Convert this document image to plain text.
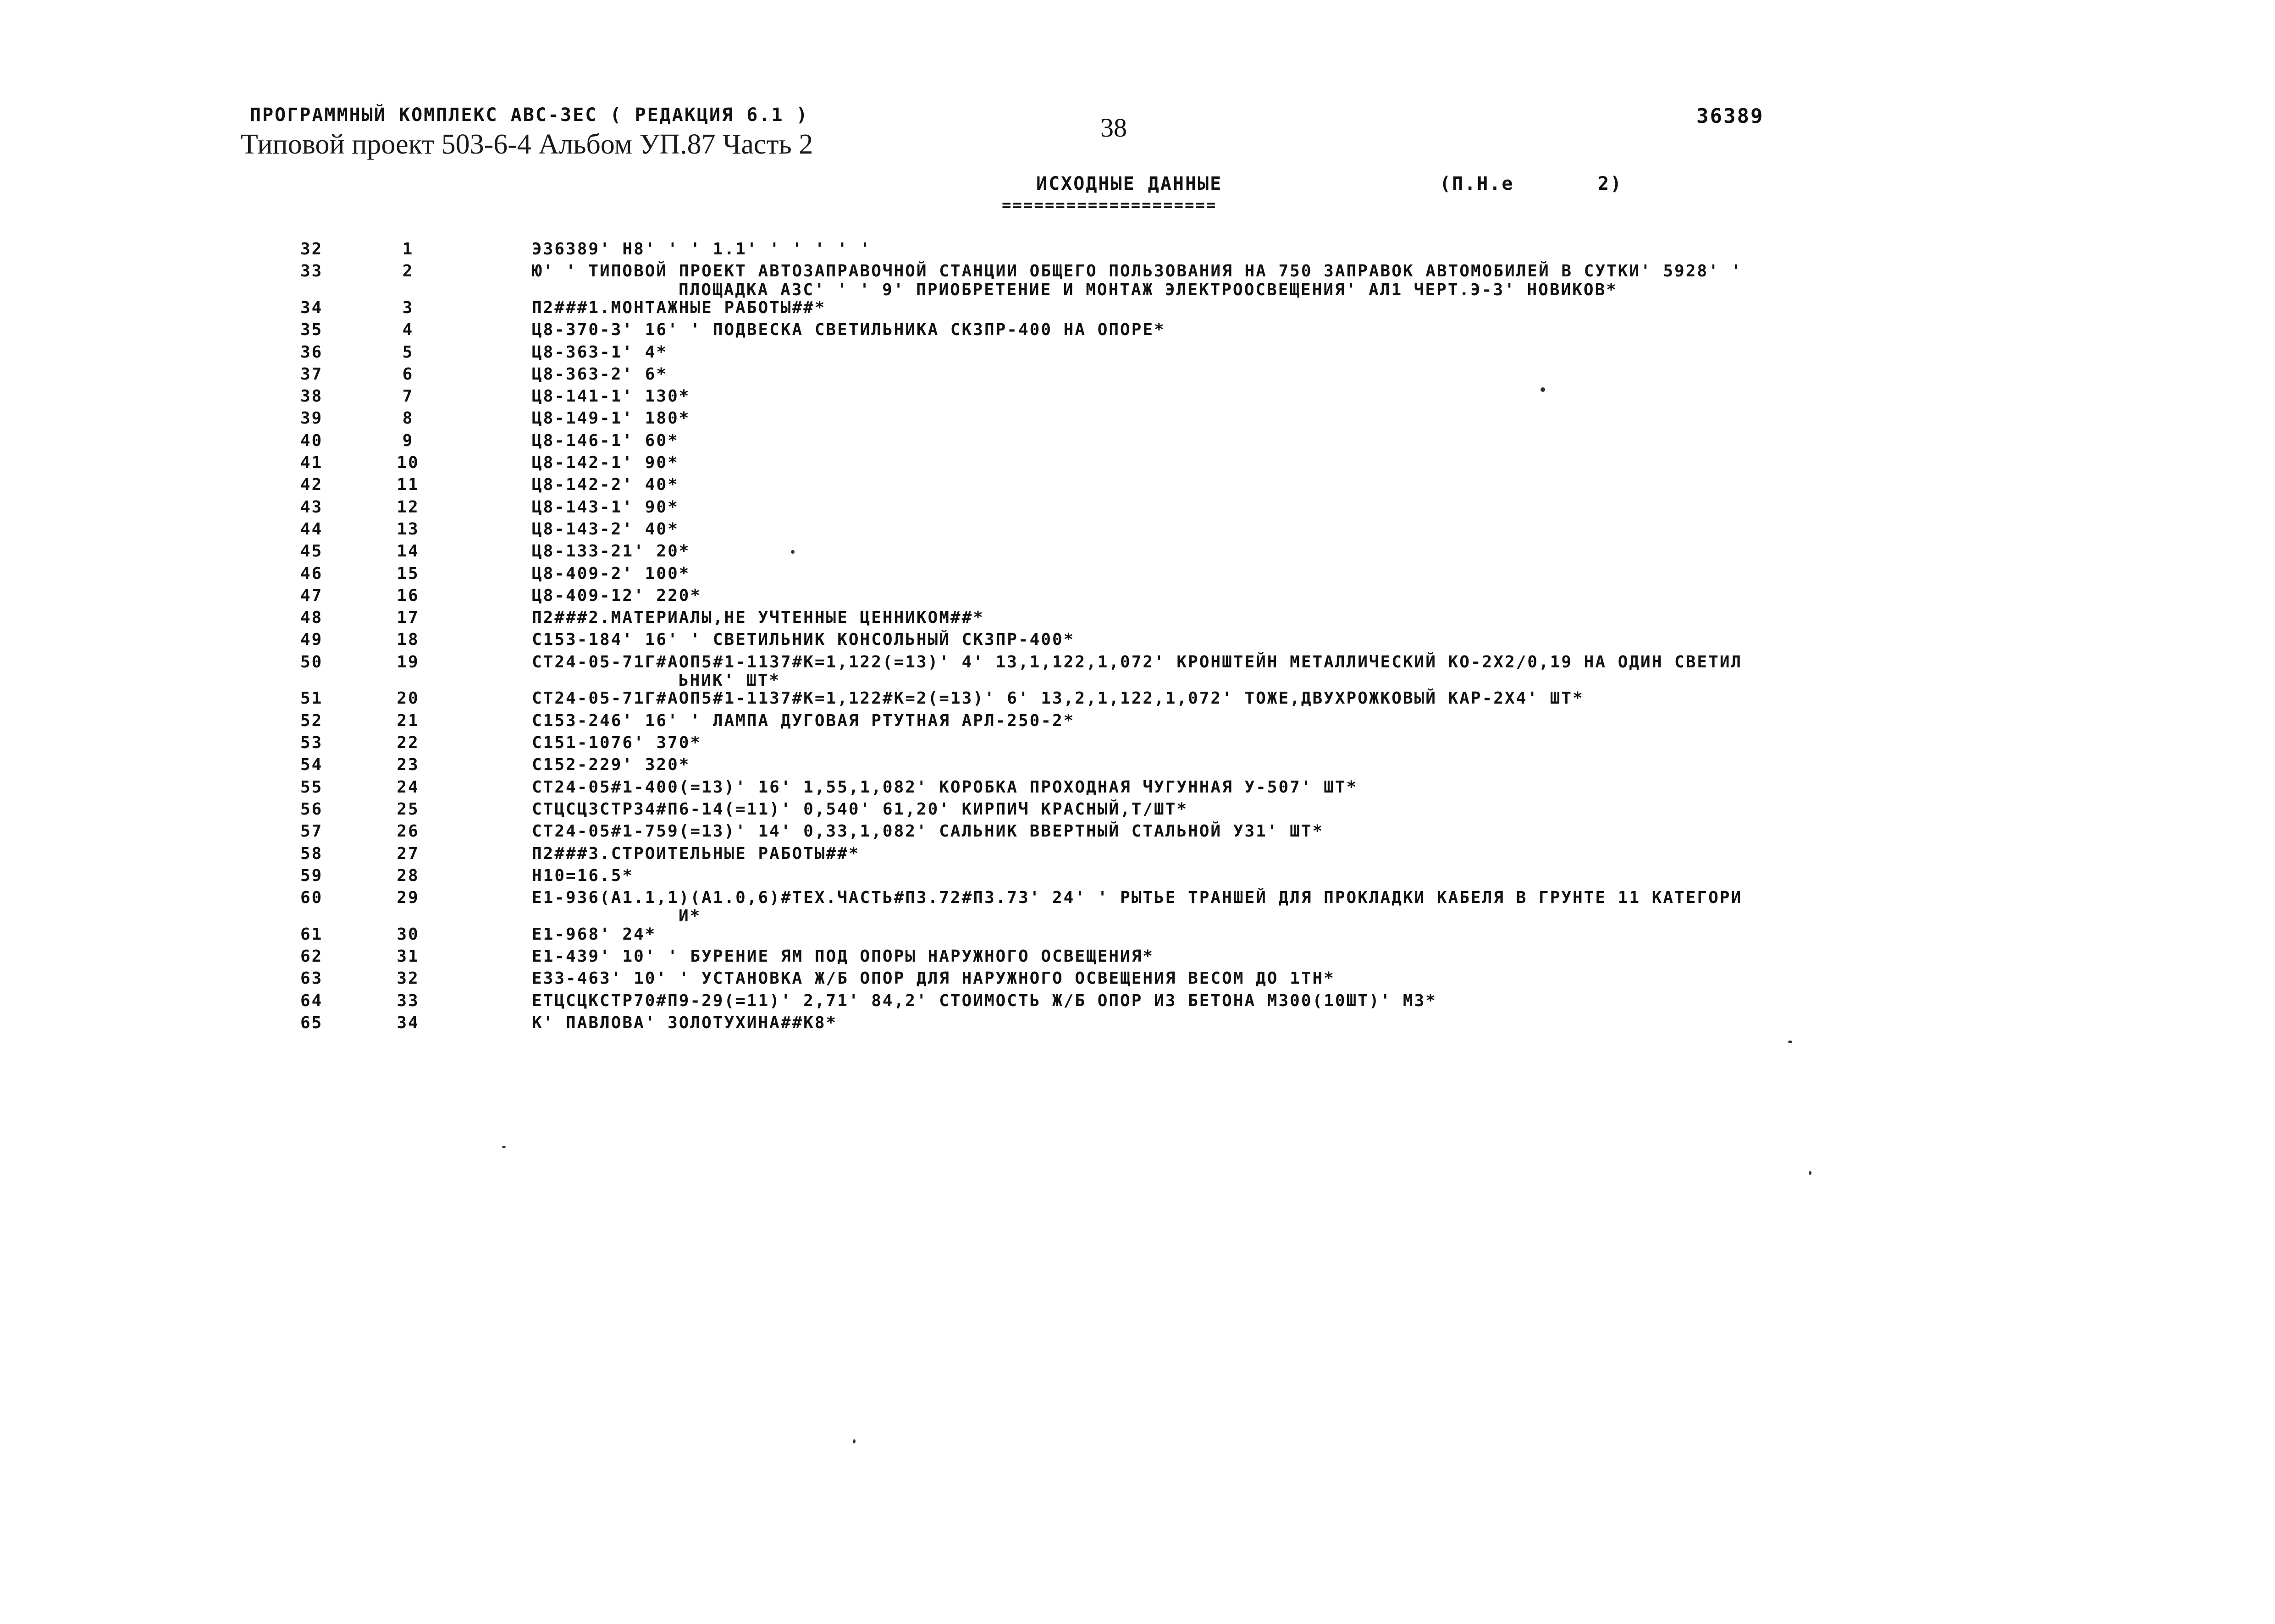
ПРОГРАММНЫЙ КОМПЛЕКС АВС-3ЕС ( РЕДАКЦИЯ 6.1 )
Типовой проект 503-6-4 Альбом УП.87 Часть 2
38	36389
ИСХОДНЫЕ ДАННЫЕ	(П.Н.е	2)
====================
32	1	Э36389' Н8' ' ' 1.1' ' ' ' ' '
33	2	Ю' ' ТИПОВОЙ ПРОЕКТ АВТОЗАПРАВОЧНОЙ СТАНЦИИ ОБЩЕГО ПОЛЬЗОВАНИЯ НА 750 ЗАПРАВОК АВТОМОБИЛЕЙ В СУТКИ' 5928' '
ПЛОЩАДКА АЗС' ' ' 9' ПРИОБРЕТЕНИЕ И МОНТАЖ ЭЛЕКТРООСВЕЩЕНИЯ' АЛ1 ЧЕРТ.Э-3' НОВИКОВ*
34	3	П2###1.МОНТАЖНЫЕ РАБОТЫ##*
35	4	Ц8-370-3' 16' ' ПОДВЕСКА СВЕТИЛЬНИКА СКЗПР-400 НА ОПОРЕ*
36	5	Ц8-363-1' 4*
37	6	Ц8-363-2' 6*
38	7	Ц8-141-1' 130*
39	8	Ц8-149-1' 180*
40	9	Ц8-146-1' 60*
41	10	Ц8-142-1' 90*
42	11	Ц8-142-2' 40*
43	12	Ц8-143-1' 90*
44	13	Ц8-143-2' 40*
45	14	Ц8-133-21' 20*
46	15	Ц8-409-2' 100*
47	16	Ц8-409-12' 220*
48	17	П2###2.МАТЕРИАЛЫ,НЕ УЧТЕННЫЕ ЦЕННИКОМ##*
49	18	С153-184' 16' ' СВЕТИЛЬНИК КОНСОЛЬНЫЙ СКЗПР-400*
50	19	СТ24-05-71Г#АОП5#1-1137#К=1,122(=13)' 4' 13,1,122,1,072' КРОНШТЕЙН МЕТАЛЛИЧЕСКИЙ КО-2Х2/0,19 НА ОДИН СВЕТИЛ
ЬНИК' ШТ*
51	20	СТ24-05-71Г#АОП5#1-1137#К=1,122#К=2(=13)' 6' 13,2,1,122,1,072' ТОЖЕ,ДВУХРОЖКОВЫЙ КАР-2Х4' ШТ*
52	21	С153-246' 16' ' ЛАМПА ДУГОВАЯ РТУТНАЯ АРЛ-250-2*
53	22	С151-1076' 370*
54	23	С152-229' 320*
55	24	СТ24-05#1-400(=13)' 16' 1,55,1,082' КОРОБКА ПРОХОДНАЯ ЧУГУННАЯ У-507' ШТ*
56	25	СТЦСЦЗСТР34#П6-14(=11)' 0,540' 61,20' КИРПИЧ КРАСНЫЙ,Т/ШТ*
57	26	СТ24-05#1-759(=13)' 14' 0,33,1,082' САЛЬНИК ВВЕРТНЫЙ СТАЛЬНОЙ У31' ШТ*
58	27	П2###3.СТРОИТЕЛЬНЫЕ РАБОТЫ##*
59	28	Н10=16.5*
60	29	Е1-936(А1.1,1)(А1.0,6)#ТЕХ.ЧАСТЬ#П3.72#П3.73' 24' ' РЫТЬЕ ТРАНШЕЙ ДЛЯ ПРОКЛАДКИ КАБЕЛЯ В ГРУНТЕ 11 КАТЕГОРИ
И*
61	30	Е1-968' 24*
62	31	Е1-439' 10' ' БУРЕНИЕ ЯМ ПОД ОПОРЫ НАРУЖНОГО ОСВЕЩЕНИЯ*
63	32	Е33-463' 10' ' УСТАНОВКА Ж/Б ОПОР ДЛЯ НАРУЖНОГО ОСВЕЩЕНИЯ ВЕСОМ ДО 1ТН*
64	33	ЕТЦСЦКСТР70#П9-29(=11)' 2,71' 84,2' СТОИМОСТЬ Ж/Б ОПОР ИЗ БЕТОНА М300(10ШТ)' МЗ*
65	34	К' ПАВЛОВА' ЗОЛОТУХИНА##К8*
